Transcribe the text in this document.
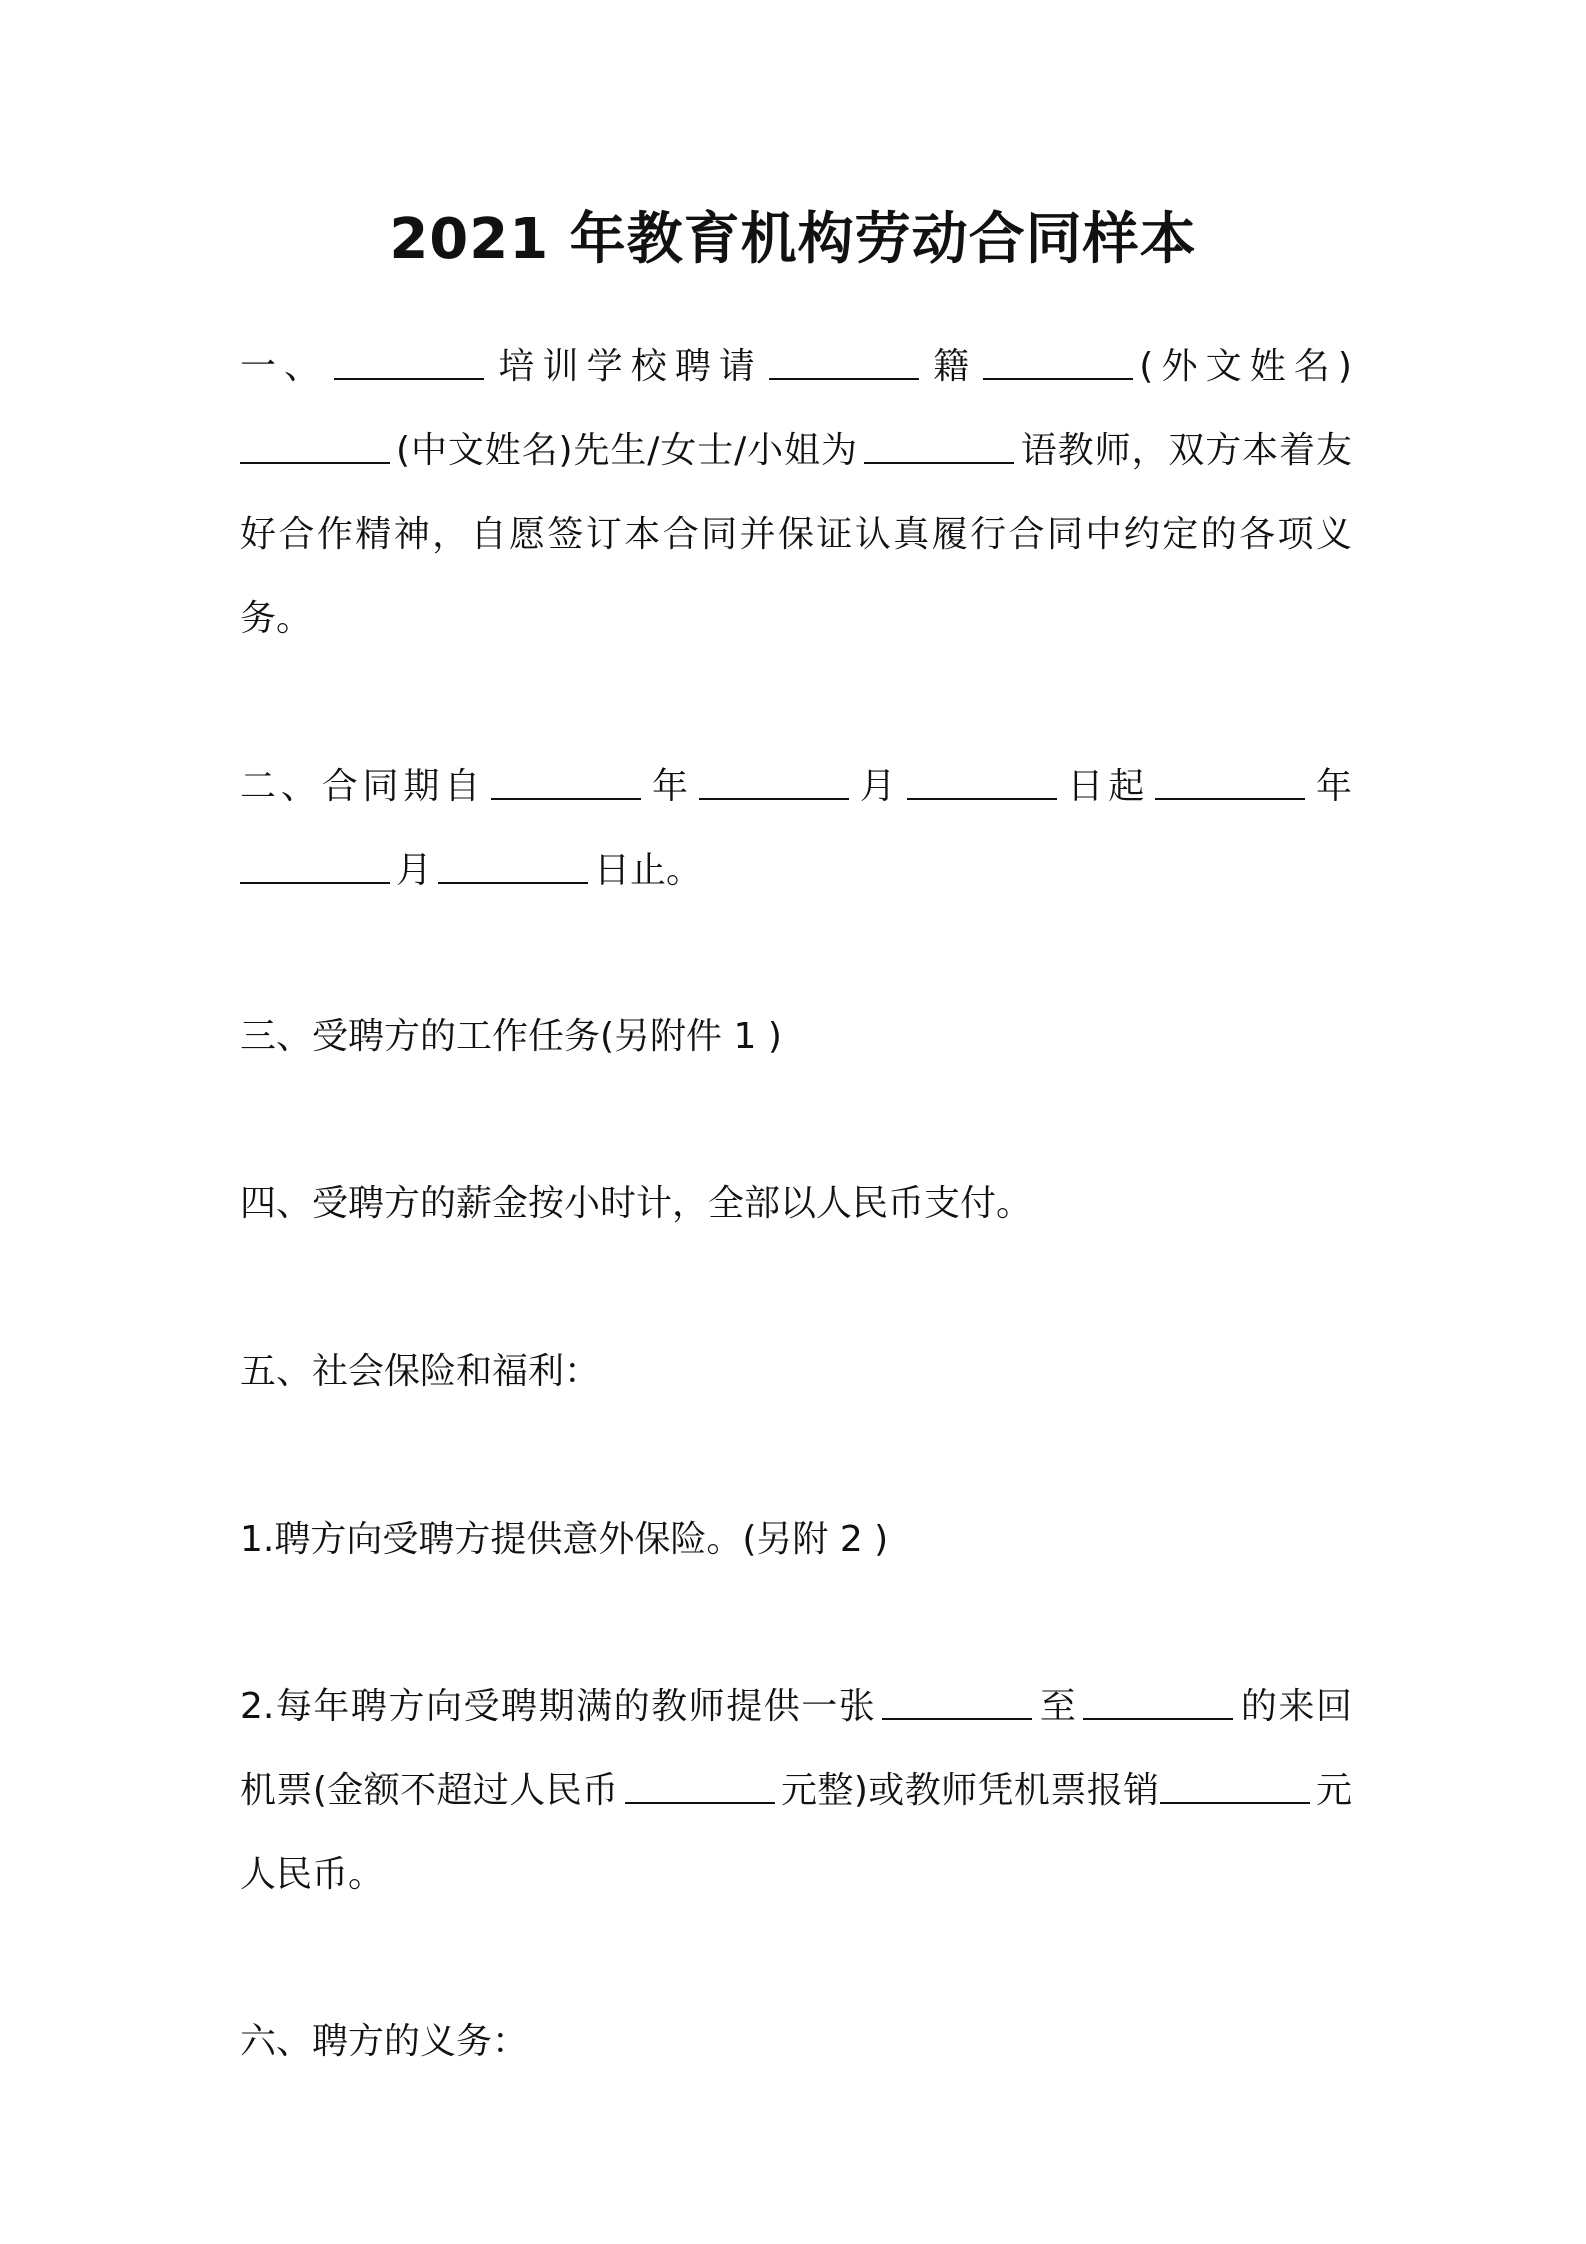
2021 年教育机构劳动合同样本
一、	培训学校聘请	籍	(外文姓名)(中文姓名)先生/女士/小姐为	语教师，双方本着友好合作精神，自愿签订本合同并保证认真履行合同中约定的各项义务。
二、合同期自	年	月	日起	年月	日止。
三、受聘方的工作任务(另附件 1 )
四、受聘方的薪金按小时计，全部以人民币支付。
五、社会保险和福利：
1.聘方向受聘方提供意外保险。(另附 2 )
2.每年聘方向受聘期满的教师提供一张	至	的来回机票(金额不超过人民币	元整)或教师凭机票报销	元人民币。
六、聘方的义务：
